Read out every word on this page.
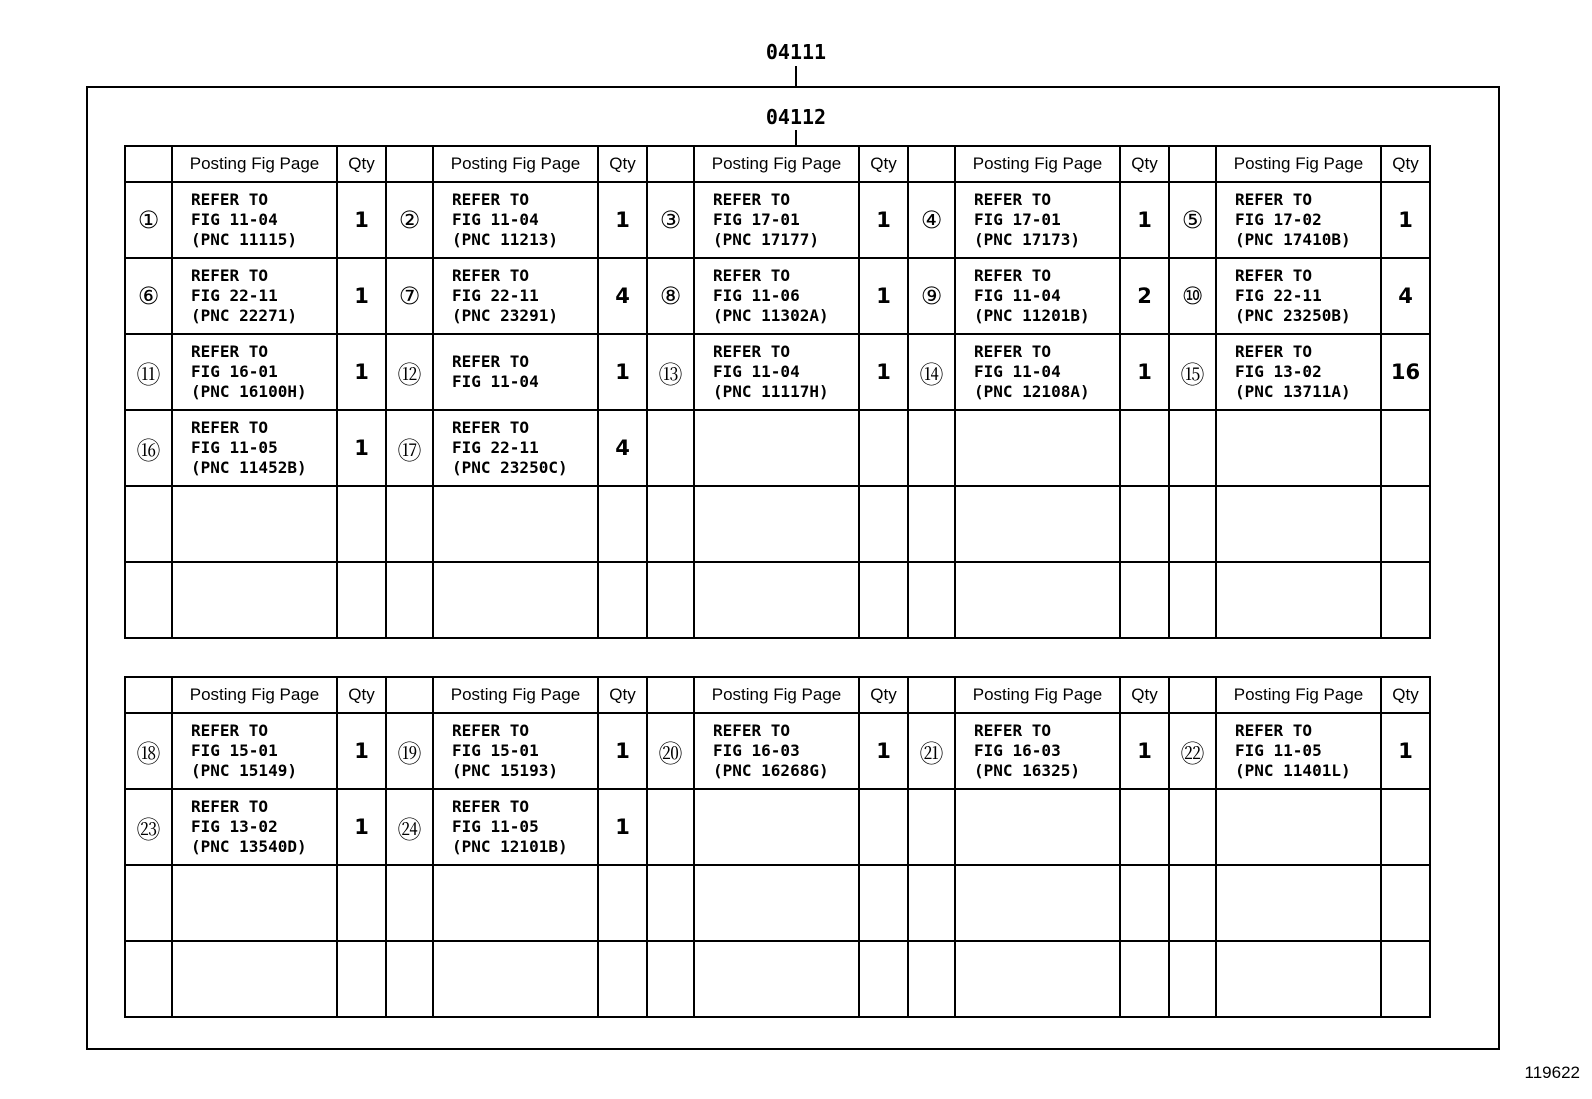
04111
04112
	Posting Fig Page	Qty		Posting Fig Page	Qty		Posting Fig Page	Qty		Posting Fig Page	Qty		Posting Fig Page	Qty
①	REFER TO
FIG 11-04
(PNC 11115)	1	②	REFER TO
FIG 11-04
(PNC 11213)	1	③	REFER TO
FIG 17-01
(PNC 17177)	1	④	REFER TO
FIG 17-01
(PNC 17173)	1	⑤	REFER TO
FIG 17-02
(PNC 17410B)	1
⑥	REFER TO
FIG 22-11
(PNC 22271)	1	⑦	REFER TO
FIG 22-11
(PNC 23291)	4	⑧	REFER TO
FIG 11-06
(PNC 11302A)	1	⑨	REFER TO
FIG 11-04
(PNC 11201B)	2	⑩	REFER TO
FIG 22-11
(PNC 23250B)	4
⑪	REFER TO
FIG 16-01
(PNC 16100H)	1	⑫	REFER TO
FIG 11-04	1	⑬	REFER TO
FIG 11-04
(PNC 11117H)	1	⑭	REFER TO
FIG 11-04
(PNC 12108A)	1	⑮	REFER TO
FIG 13-02
(PNC 13711A)	16
⑯	REFER TO
FIG 11-05
(PNC 11452B)	1	⑰	REFER TO
FIG 22-11
(PNC 23250C)	4									

	Posting Fig Page	Qty		Posting Fig Page	Qty		Posting Fig Page	Qty		Posting Fig Page	Qty		Posting Fig Page	Qty
⑱	REFER TO
FIG 15-01
(PNC 15149)	1	⑲	REFER TO
FIG 15-01
(PNC 15193)	1	⑳	REFER TO
FIG 16-03
(PNC 16268G)	1	㉑	REFER TO
FIG 16-03
(PNC 16325)	1	㉒	REFER TO
FIG 11-05
(PNC 11401L)	1
㉓	REFER TO
FIG 13-02
(PNC 13540D)	1	㉔	REFER TO
FIG 11-05
(PNC 12101B)	1									

119622
